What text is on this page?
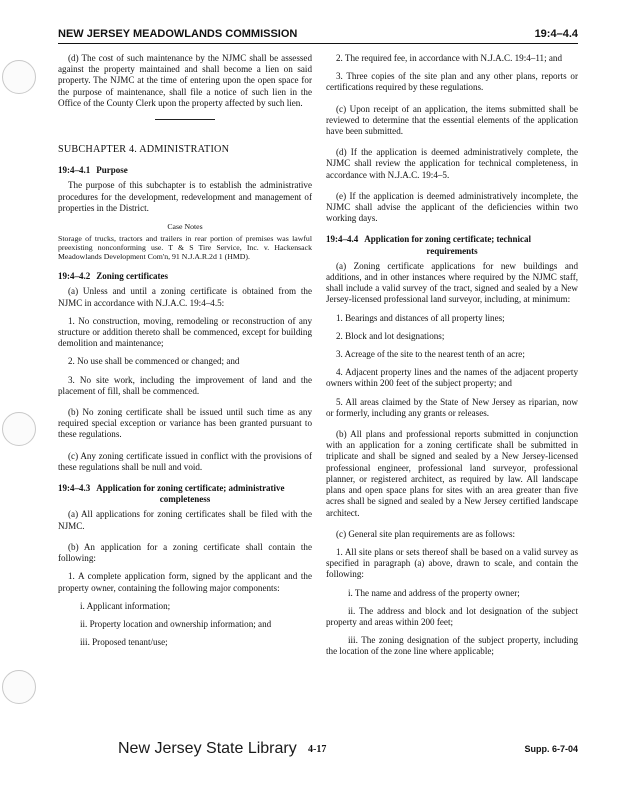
NEW JERSEY MEADOWLANDS COMMISSION	19:4–4.4

(d) The cost of such maintenance by the NJMC shall be assessed against the property maintained and shall become a lien on said property. The NJMC at the time of entering upon the open space for the purpose of maintenance, shall file a notice of such lien in the Office of the County Clerk upon the property affected by such lien.

SUBCHAPTER 4. ADMINISTRATION
19:4–4.1 Purpose

The purpose of this subchapter is to establish the administrative procedures for the development, redevelopment and management of properties in the District.

Case Notes
Storage of trucks, tractors and trailers in rear portion of premises was lawful preexisting nonconforming use. T & S Tire Service, Inc. v. Hackensack Meadowlands Development Com'n, 91 N.J.A.R.2d 1 (HMD).
19:4–4.2 Zoning certificates

(a) Unless and until a zoning certificate is obtained from the NJMC in accordance with N.J.A.C. 19:4–4.5:

1. No construction, moving, remodeling or reconstruction of any structure or addition thereto shall be commenced, except for building demolition and maintenance;

2. No use shall be commenced or changed; and

3. No site work, including the improvement of land and the placement of fill, shall be commenced.

(b) No zoning certificate shall be issued until such time as any required special exception or variance has been granted pursuant to these regulations.

(c) Any zoning certificate issued in conflict with the provisions of these regulations shall be null and void.

19:4–4.3 Application for zoning certificate; administrative
completeness

(a) All applications for zoning certificates shall be filed with the NJMC.

(b) An application for a zoning certificate shall contain the following:

1. A complete application form, signed by the applicant and the property owner, containing the following major components:

i. Applicant information;

ii. Property location and ownership information; and

iii. Proposed tenant/use;

2. The required fee, in accordance with N.J.A.C. 19:4–11; and

3. Three copies of the site plan and any other plans, reports or certifications required by these regulations.

(c) Upon receipt of an application, the items submitted shall be reviewed to determine that the essential elements of the application have been submitted.

(d) If the application is deemed administratively complete, the NJMC shall review the application for technical completeness, in accordance with N.J.A.C. 19:4–5.

(e) If the application is deemed administratively incomplete, the NJMC shall advise the applicant of the deficiencies within two working days.

19:4–4.4 Application for zoning certificate; technical
requirements

(a) Zoning certificate applications for new buildings and additions, and in other instances where required by the NJMC staff, shall include a valid survey of the tract, signed and sealed by a New Jersey-licensed professional land surveyor, including, at minimum:

1. Bearings and distances of all property lines;

2. Block and lot designations;

3. Acreage of the site to the nearest tenth of an acre;

4. Adjacent property lines and the names of the adjacent property owners within 200 feet of the subject property; and

5. All areas claimed by the State of New Jersey as riparian, now or formerly, including any grants or releases.

(b) All plans and professional reports submitted in conjunction with an application for a zoning certificate shall be submitted in triplicate and shall be signed and sealed by a New Jersey-licensed professional engineer, professional land surveyor, professional planner, or registered architect, as required by law. All landscape plans and open space plans for sites with an area greater than five acres shall be signed and sealed by a New Jersey certified landscape architect.

(c) General site plan requirements are as follows:

1. All site plans or sets thereof shall be based on a valid survey as specified in paragraph (a) above, drawn to scale, and contain the following:

i. The name and address of the property owner;

ii. The address and block and lot designation of the subject property and areas within 200 feet;

iii. The zoning designation of the subject property, including the location of the zone line where applicable;

New Jersey State Library 4-17	Supp. 6-7-04
